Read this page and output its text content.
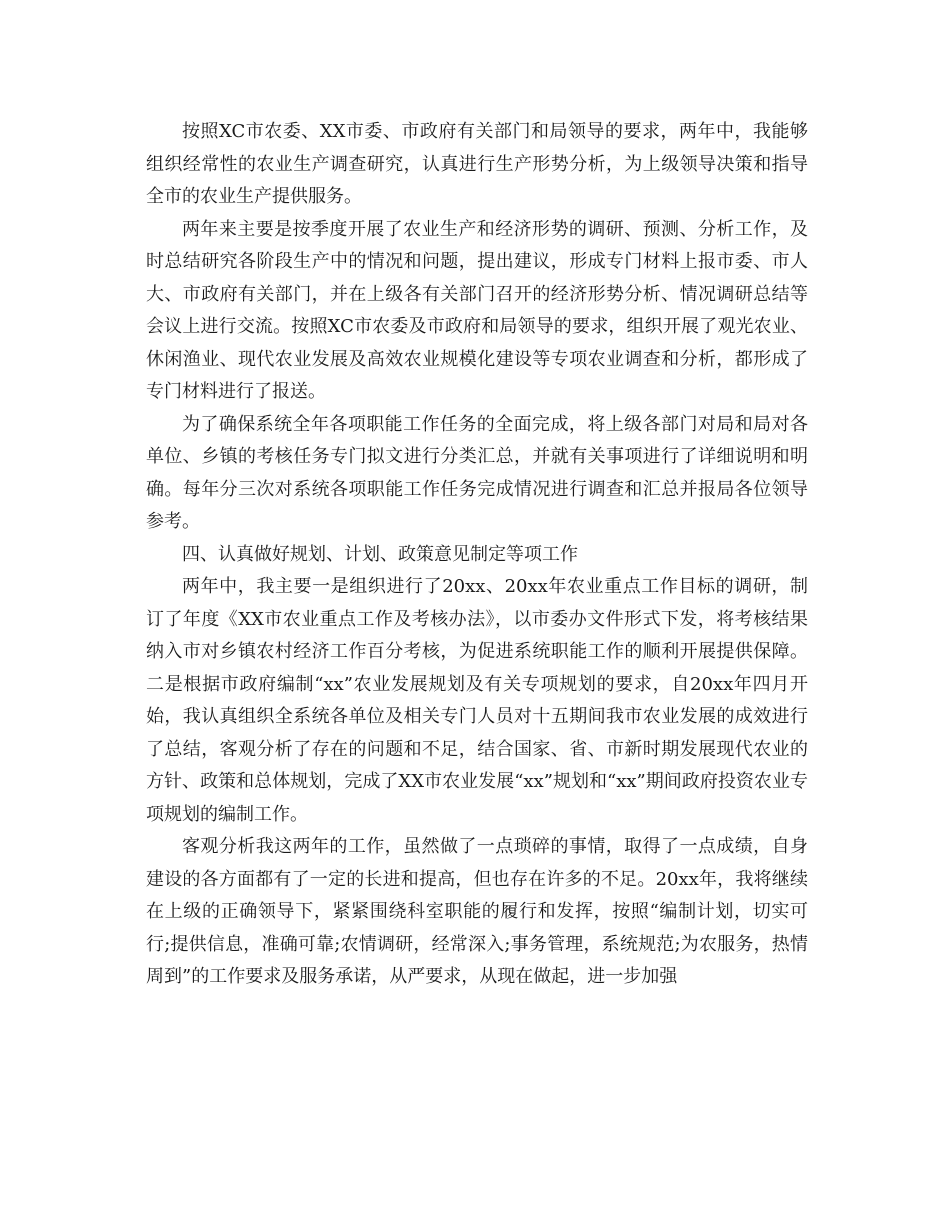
按照XC市农委、XX市委、市政府有关部门和局领导的要求，两年中，我能够组织经常性的农业生产调查研究，认真进行生产形势分析，为上级领导决策和指导全市的农业生产提供服务。

两年来主要是按季度开展了农业生产和经济形势的调研、预测、分析工作，及时总结研究各阶段生产中的情况和问题，提出建议，形成专门材料上报市委、市人大、市政府有关部门，并在上级各有关部门召开的经济形势分析、情况调研总结等会议上进行交流。按照XC市农委及市政府和局领导的要求，组织开展了观光农业、休闲渔业、现代农业发展及高效农业规模化建设等专项农业调查和分析，都形成了专门材料进行了报送。

为了确保系统全年各项职能工作任务的全面完成，将上级各部门对局和局对各单位、乡镇的考核任务专门拟文进行分类汇总，并就有关事项进行了详细说明和明确。每年分三次对系统各项职能工作任务完成情况进行调查和汇总并报局各位领导参考。

四、认真做好规划、计划、政策意见制定等项工作

两年中，我主要一是组织进行了20xx、20xx年农业重点工作目标的调研，制订了年度《XX市农业重点工作及考核办法》，以市委办文件形式下发，将考核结果纳入市对乡镇农村经济工作百分考核，为促进系统职能工作的顺利开展提供保障。二是根据市政府编制“xx”农业发展规划及有关专项规划的要求，自20xx年四月开始，我认真组织全系统各单位及相关专门人员对十五期间我市农业发展的成效进行了总结，客观分析了存在的问题和不足，结合国家、省、市新时期发展现代农业的方针、政策和总体规划，完成了XX市农业发展“xx”规划和“xx”期间政府投资农业专项规划的编制工作。

客观分析我这两年的工作，虽然做了一点琐碎的事情，取得了一点成绩，自身建设的各方面都有了一定的长进和提高，但也存在许多的不足。20xx年，我将继续在上级的正确领导下，紧紧围绕科室职能的履行和发挥，按照“编制计划，切实可行;提供信息，准确可靠;农情调研，经常深入;事务管理，系统规范;为农服务，热情周到”的工作要求及服务承诺，从严要求，从现在做起，进一步加强
